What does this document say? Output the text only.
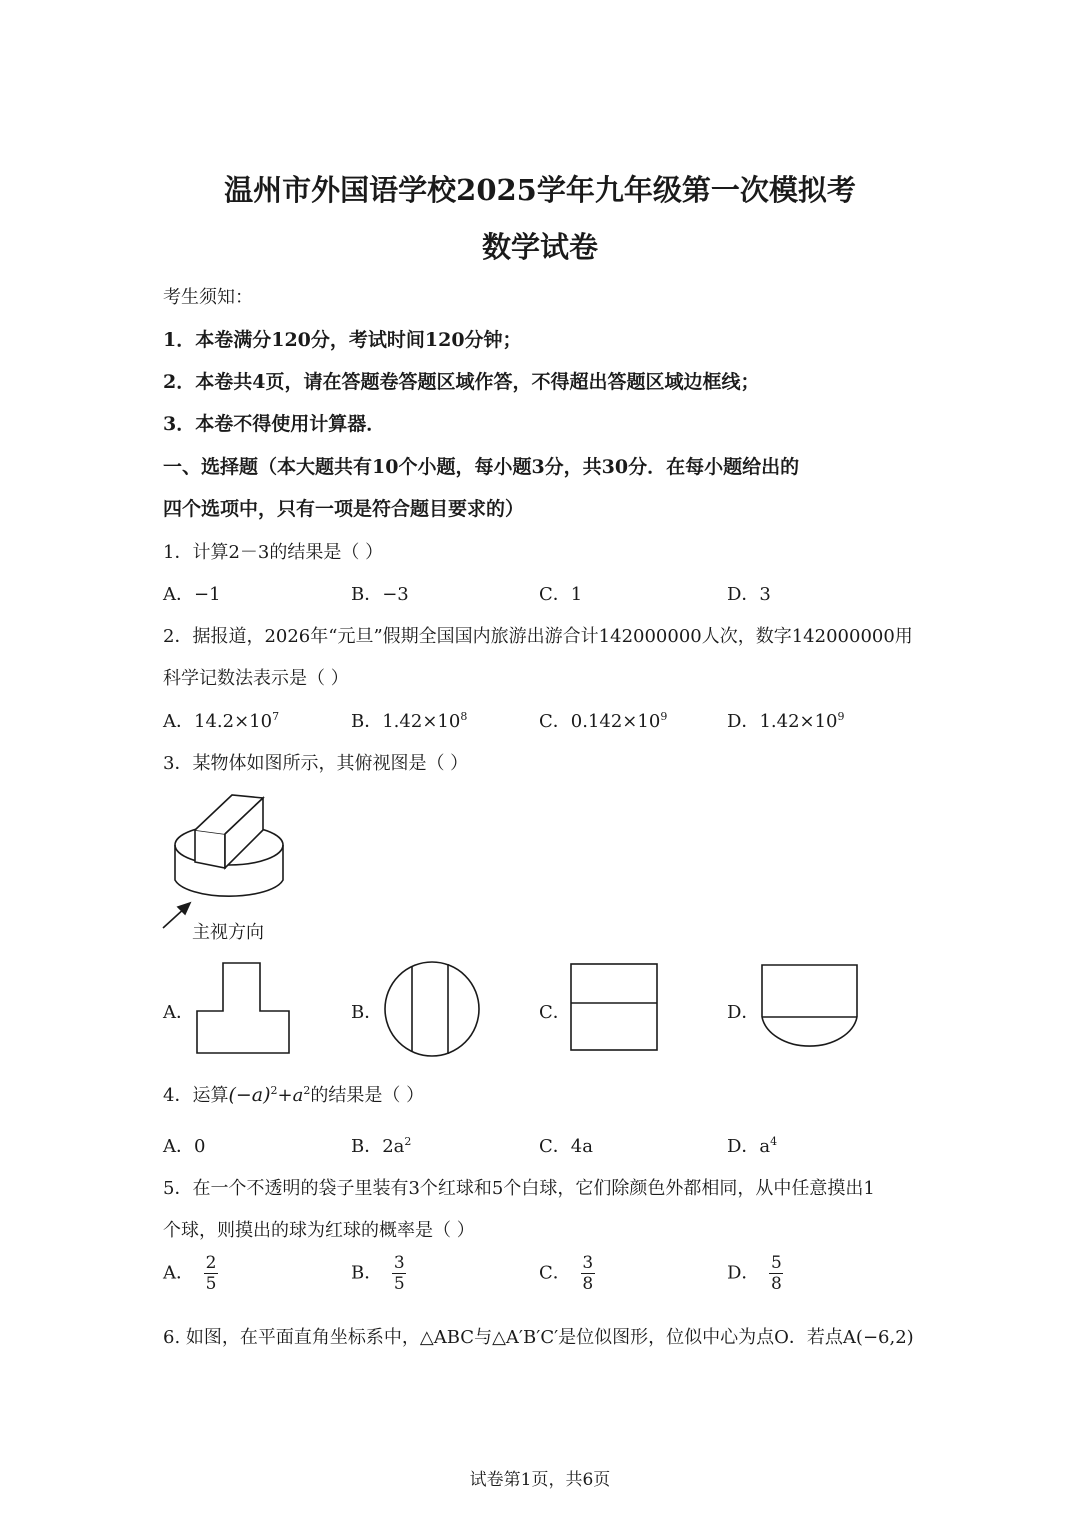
温州市外国语学校2025学年九年级第一次模拟考
数学试卷
考生须知：
1．本卷满分120分，考试时间120分钟；
2．本卷共4页，请在答题卷答题区域作答，不得超出答题区域边框线；
3．本卷不得使用计算器．
一、选择题（本大题共有10个小题，每小题3分，共30分．在每小题给出的
四个选项中，只有一项是符合题目要求的）
1．计算2－3的结果是（ ）
A．−1	B．−3	C．1	D．3
2．据报道，2026年“元旦”假期全国国内旅游出游合计142000000人次，数字142000000用
科学记数法表示是（ ）
A．$14.2\times 10^7$	B．$1.42\times 10^8$	C．$0.142\times 10^9$	D．$1.42\times 10^9$
3．某物体如图所示，其俯视图是（ ）
主视方向
A．	B．	C．	D．
4．运算$(-a)^2+a^2$的结果是（ ）
A．0	B．$2a^2$	C．4a	D．$a^4$
5．在一个不透明的袋子里装有3个红球和5个白球，它们除颜色外都相同，从中任意摸出1
个球，则摸出的球为红球的概率是（ ）
A． $\frac{2}{5}$	B． $\frac{3}{5}$	C． $\frac{3}{8}$	D． $\frac{5}{8}$
6. 如图，在平面直角坐标系中，△ABC与△A′B′C′是位似图形，位似中心为点O．若点A(−6,2)
试卷第1页，共6页
